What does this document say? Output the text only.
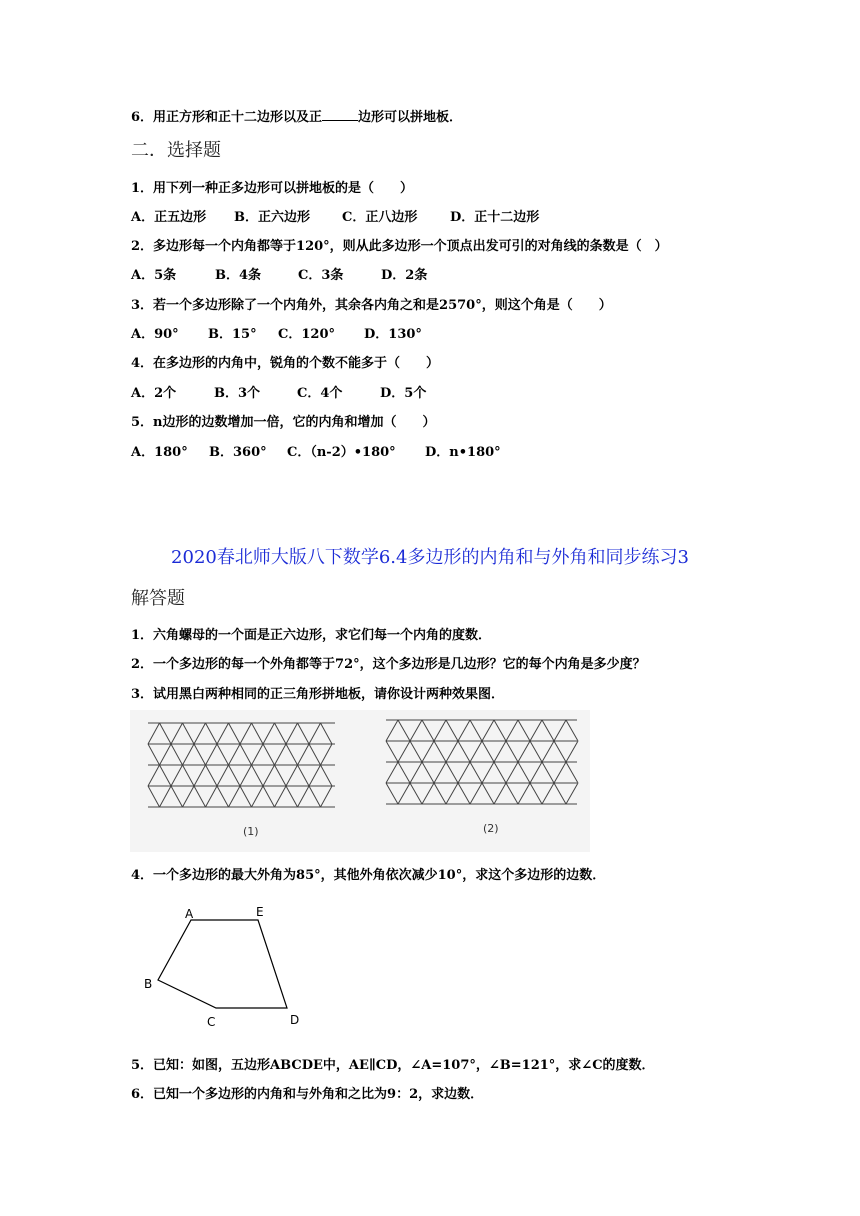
6．用正方形和正十二边形以及正	边形可以拼地板．
二．选择题
1．用下列一种正多边形可以拼地板的是（　　）
A．正五边形 B．正六边形 C．正八边形	D．正十二边形
2．多边形每一个内角都等于120°，则从此多边形一个顶点出发可引的对角线的条数是（　）
A．5条	B．4条	C．3条	D．2条
3．若一个多边形除了一个内角外，其余各内角之和是2570°，则这个角是（　　）
A．90° B．15° C．120° D．130°
4．在多边形的内角中，锐角的个数不能多于（　　）
A．2个	B．3个	C．4个	D．5个
5．n边形的边数增加一倍，它的内角和增加（　　）
A．180° B．360° C．（n-2）•180° D．n•180°
2020春北师大版八下数学6.4多边形的内角和与外角和同步练习3
解答题
1．六角螺母的一个面是正六边形，求它们每一个内角的度数．
2．一个多边形的每一个外角都等于72°，这个多边形是几边形？它的每个内角是多少度？
3．试用黑白两种相同的正三角形拼地板，请你设计两种效果图．
(1)	(2)
4．一个多边形的最大外角为85°，其他外角依次减少10°，求这个多边形的边数．
A	E
B
C	D
5．已知：如图，五边形ABCDE中，AE∥CD，∠A=107°，∠B=121°，求∠C的度数．
6．已知一个多边形的内角和与外角和之比为9：2，求边数．
